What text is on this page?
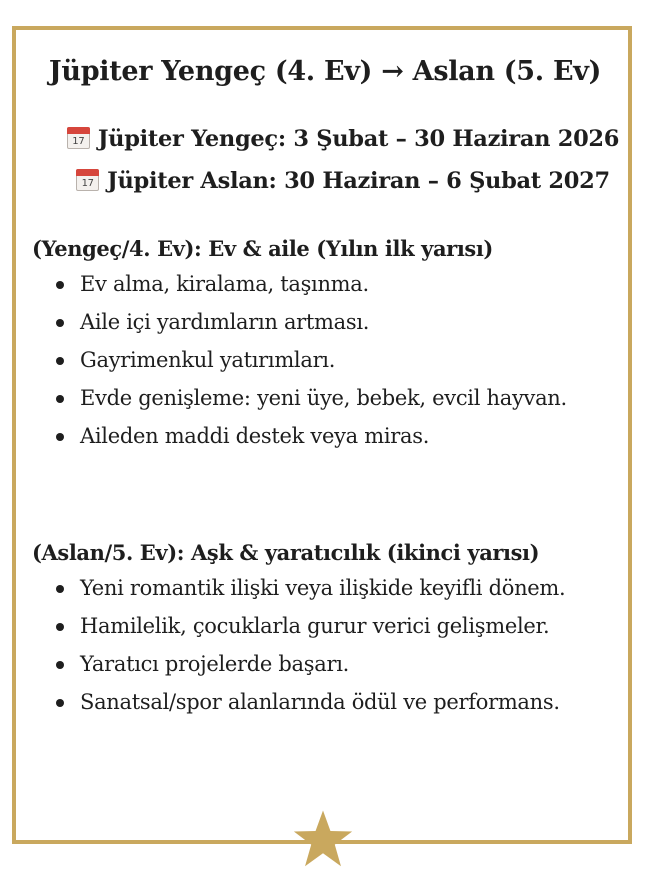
Jüpiter Yengeç (4. Ev) → Aslan (5. Ev)
17 Jüpiter Yengeç: 3 Şubat – 30 Haziran 2026
17 Jüpiter Aslan: 30 Haziran – 6 Şubat 2027
(Yengeç/4. Ev): Ev & aile (Yılın ilk yarısı)
Ev alma, kiralama, taşınma.
Aile içi yardımların artması.
Gayrimenkul yatırımları.
Evde genişleme: yeni üye, bebek, evcil hayvan.
Aileden maddi destek veya miras.
(Aslan/5. Ev): Aşk & yaratıcılık (ikinci yarısı)
Yeni romantik ilişki veya ilişkide keyifli dönem.
Hamilelik, çocuklarla gurur verici gelişmeler.
Yaratıcı projelerde başarı.
Sanatsal/spor alanlarında ödül ve performans.
